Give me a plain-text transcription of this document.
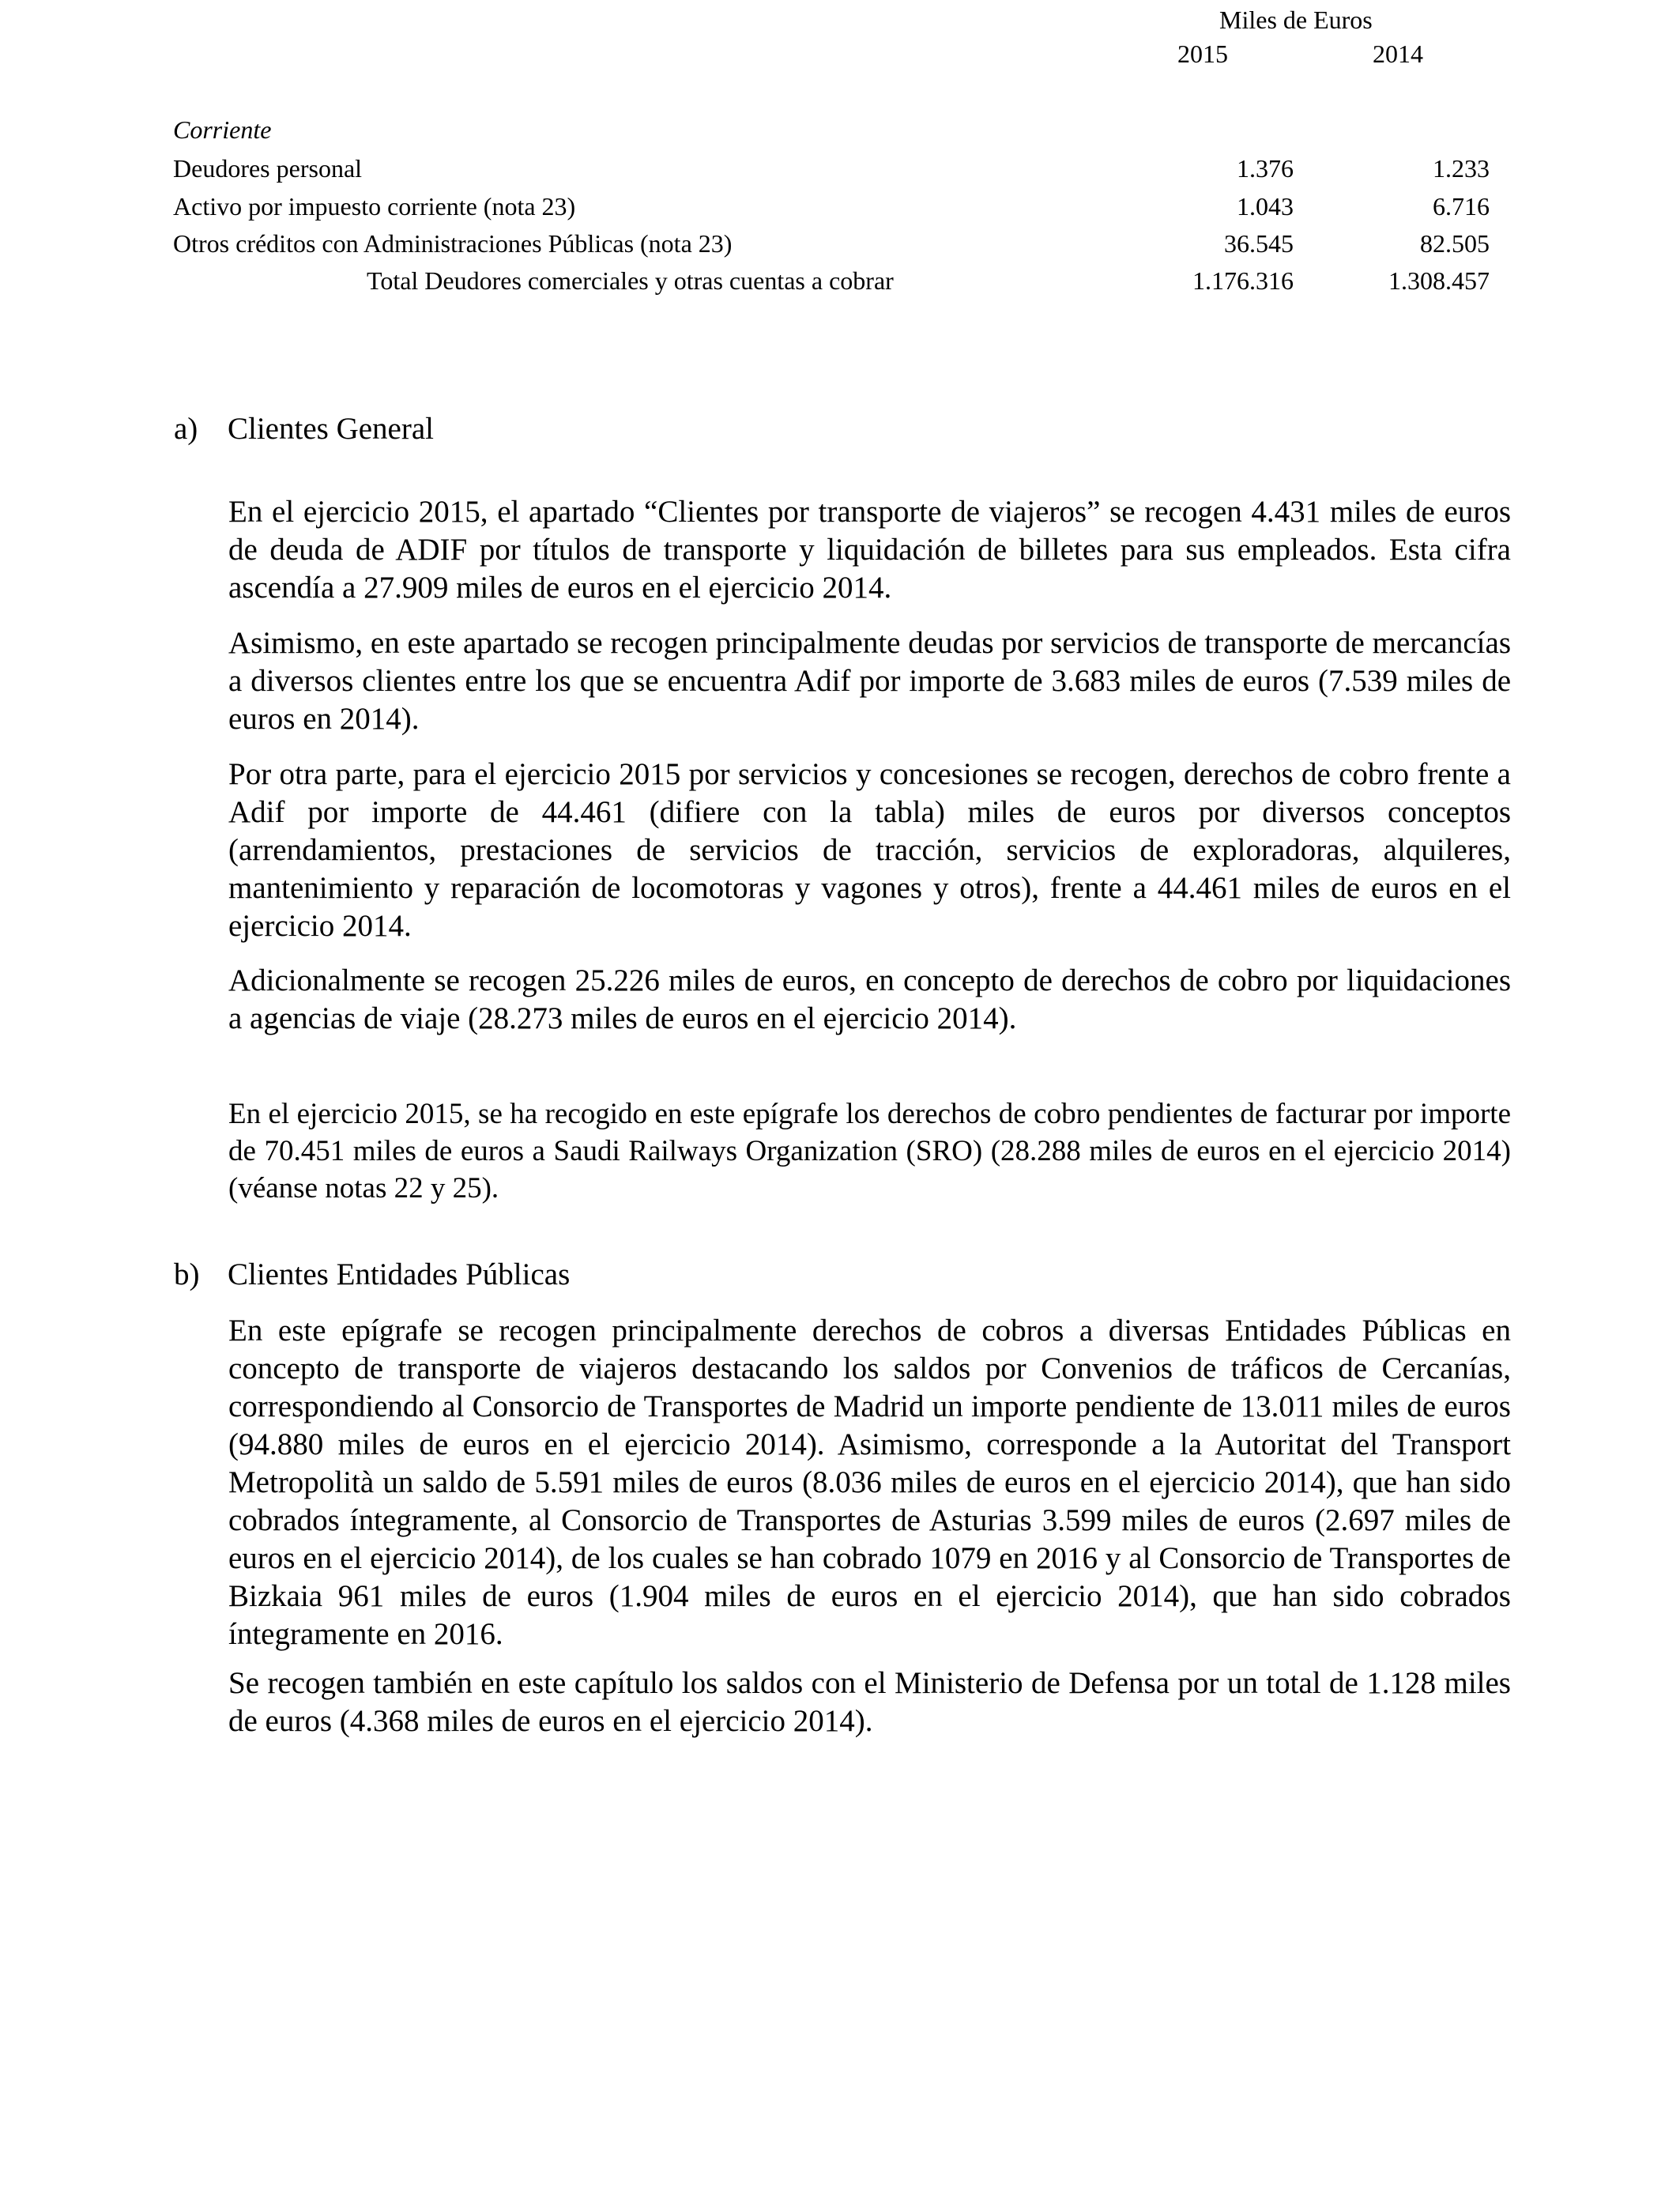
Miles de Euros
2015	2014
Corriente
Deudores personal	1.376	1.233
Activo por impuesto corriente (nota 23)	1.043	6.716
Otros créditos con Administraciones Públicas (nota 23)	36.545	82.505
Total Deudores comerciales y otras cuentas a cobrar	1.176.316	1.308.457
a) Clientes General

En el ejercicio 2015, el apartado “Clientes por transporte de viajeros” se recogen 4.431 miles de euros de deuda de ADIF por títulos de transporte y liquidación de billetes para sus empleados. Esta cifra ascendía a 27.909 miles de euros en el ejercicio 2014.

Asimismo, en este apartado se recogen principalmente deudas por servicios de transporte de mercancías a diversos clientes entre los que se encuentra Adif por importe de 3.683 miles de euros (7.539 miles de euros en 2014).

Por otra parte, para el ejercicio 2015 por servicios y concesiones se recogen, derechos de cobro frente a Adif por importe de 44.461 (difiere con la tabla) miles de euros por diversos conceptos (arrendamientos, prestaciones de servicios de tracción, servicios de exploradoras, alquileres, mantenimiento y reparación de locomotoras y vagones y otros), frente a 44.461 miles de euros en el ejercicio 2014.

Adicionalmente se recogen 25.226 miles de euros, en concepto de derechos de cobro por liquidaciones a agencias de viaje (28.273 miles de euros en el ejercicio 2014).

En el ejercicio 2015, se ha recogido en este epígrafe los derechos de cobro pendientes de facturar por importe de 70.451 miles de euros a Saudi Railways Organization (SRO) (28.288 miles de euros en el ejercicio 2014) (véanse notas 22 y 25).

b) Clientes Entidades Públicas

En este epígrafe se recogen principalmente derechos de cobros a diversas Entidades Públicas en concepto de transporte de viajeros destacando los saldos por Convenios de tráficos de Cercanías, correspondiendo al Consorcio de Transportes de Madrid un importe pendiente de 13.011 miles de euros (94.880 miles de euros en el ejercicio 2014). Asimismo, corresponde a la Autoritat del Transport Metropolità un saldo de 5.591 miles de euros (8.036 miles de euros en el ejercicio 2014), que han sido cobrados íntegramente, al Consorcio de Transportes de Asturias 3.599 miles de euros (2.697 miles de euros en el ejercicio 2014), de los cuales se han cobrado 1079 en 2016 y al Consorcio de Transportes de Bizkaia 961 miles de euros (1.904 miles de euros en el ejercicio 2014), que han sido cobrados íntegramente en 2016.

Se recogen también en este capítulo los saldos con el Ministerio de Defensa por un total de 1.128 miles de euros (4.368 miles de euros en el ejercicio 2014).
